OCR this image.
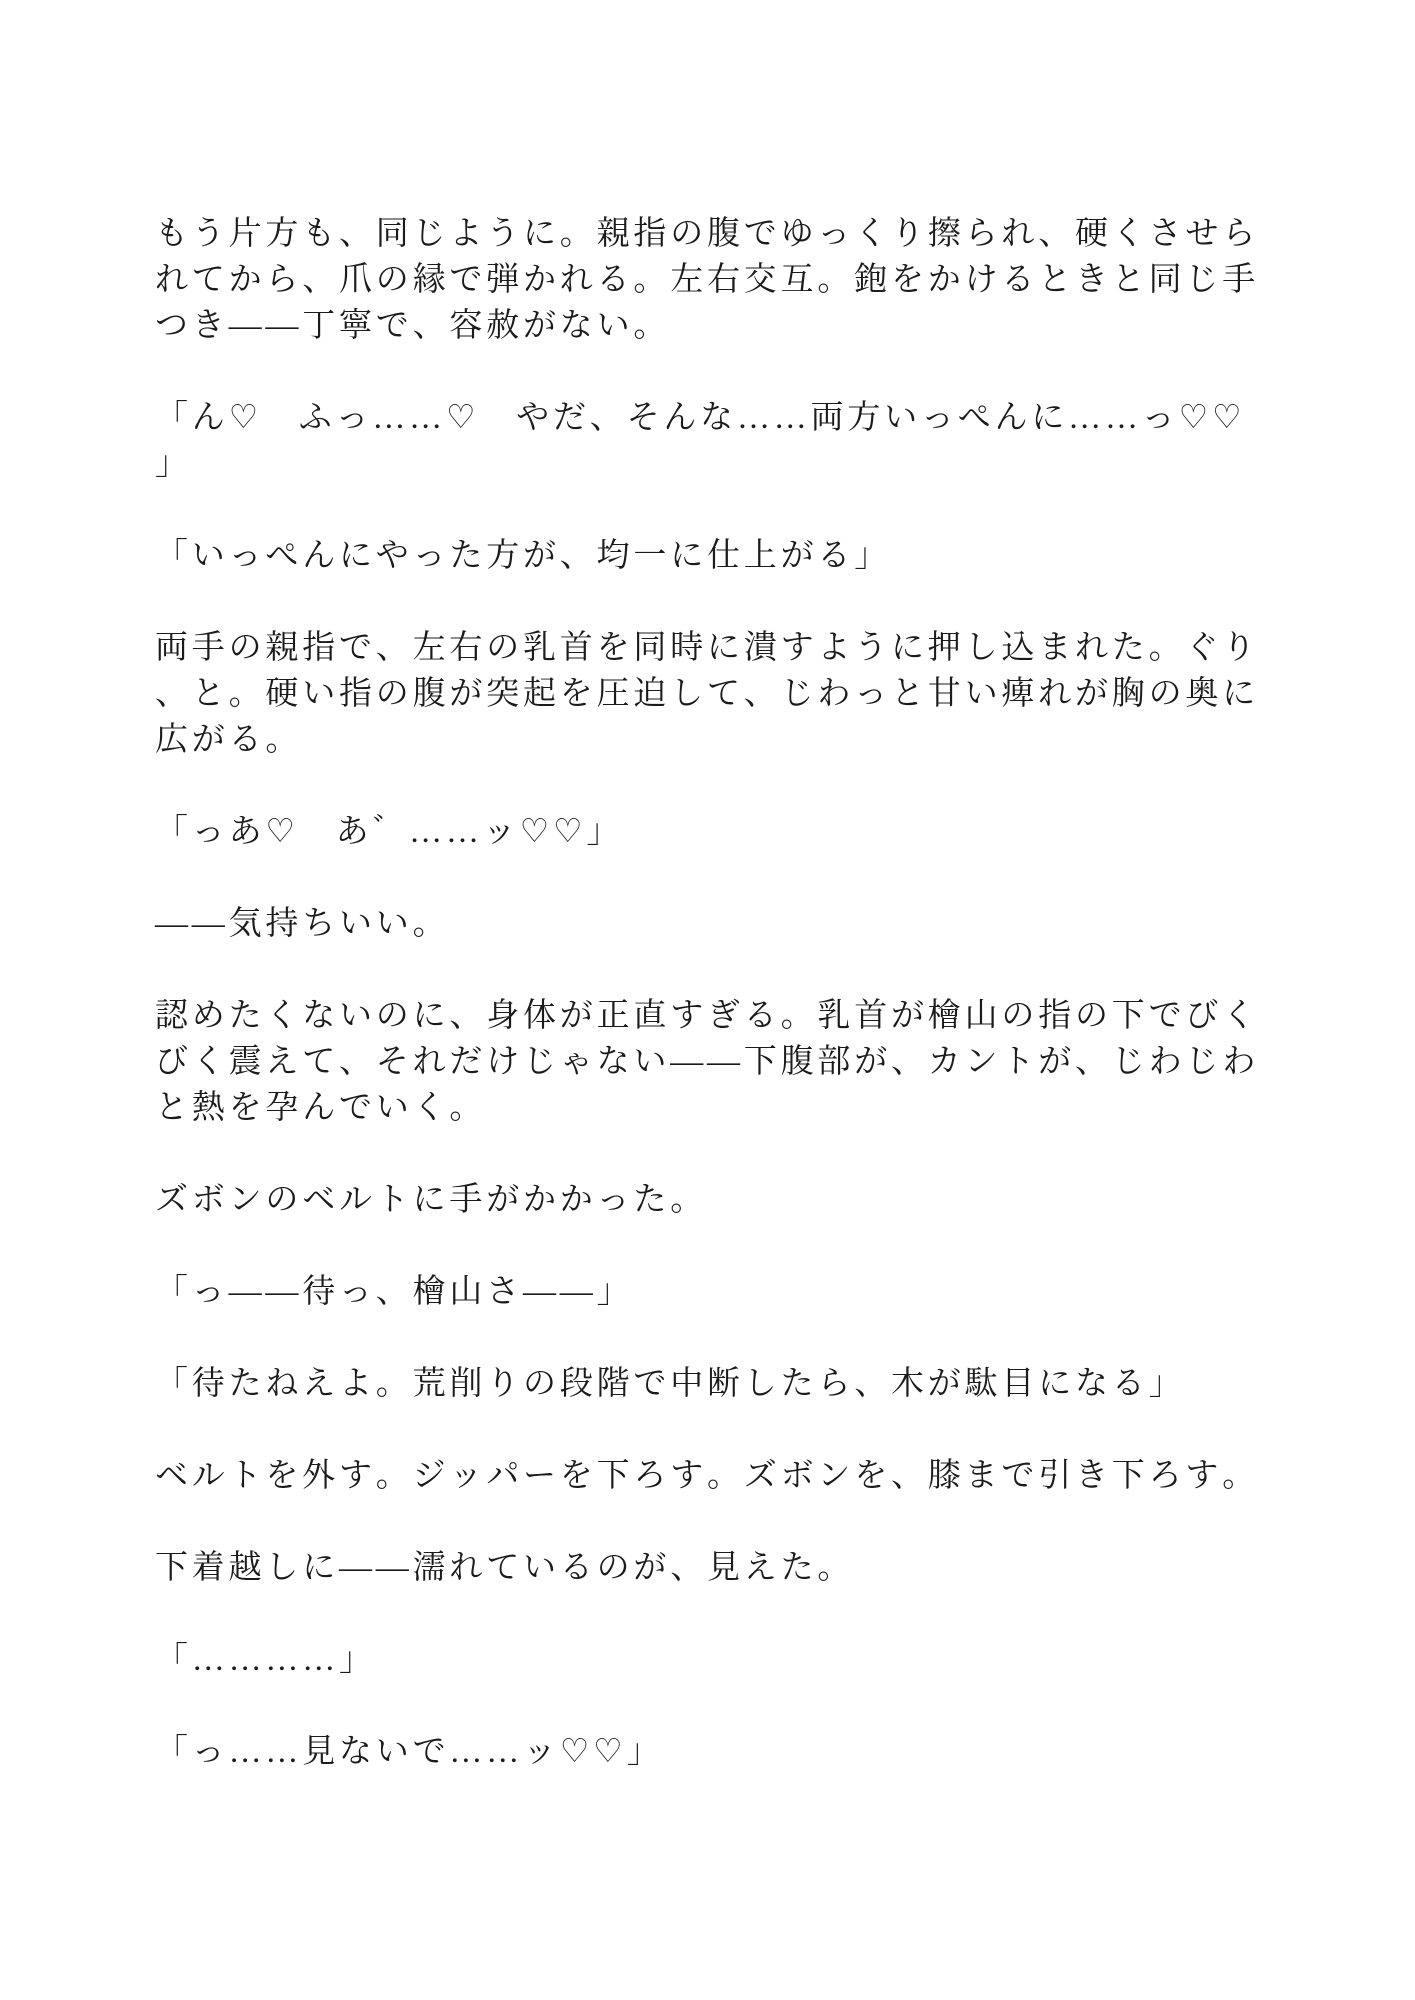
もう片方も、同じように。親指の腹でゆっくり擦られ、硬くさせら
れてから、爪の縁で弾かれる。左右交互。鉋をかけるときと同じ手
つき――丁寧で、容赦がない。
「ん♡　ふっ……♡　やだ、そんな……両方いっぺんに……っ♡♡
」
「いっぺんにやった方が、均一に仕上がる」
両手の親指で、左右の乳首を同時に潰すように押し込まれた。ぐり
、と。硬い指の腹が突起を圧迫して、じわっと甘い痺れが胸の奥に
広がる。
「っあ♡　あ゛……ッ♡♡」
――気持ちいい。
認めたくないのに、身体が正直すぎる。乳首が檜山の指の下でびく
びく震えて、それだけじゃない――下腹部が、カントが、じわじわ
と熱を孕んでいく。
ズボンのベルトに手がかかった。
「っ――待っ、檜山さ――」
「待たねえよ。荒削りの段階で中断したら、木が駄目になる」
ベルトを外す。ジッパーを下ろす。ズボンを、膝まで引き下ろす。
下着越しに――濡れているのが、見えた。
「…………」
「っ……見ないで……ッ♡♡」
